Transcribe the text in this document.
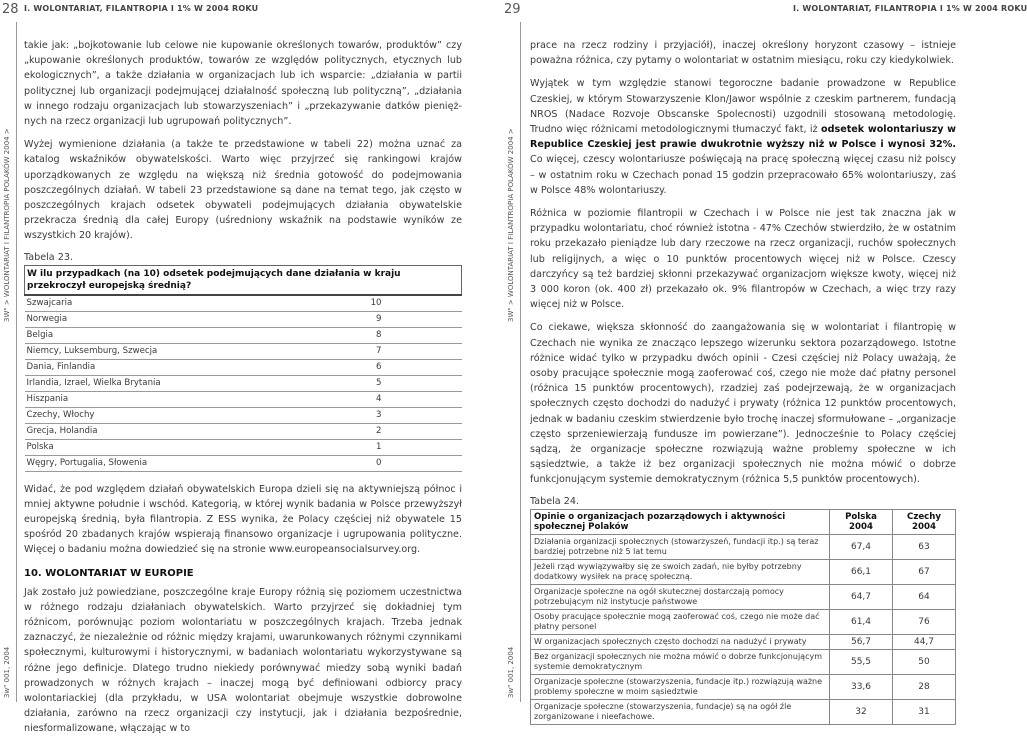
28 I. WOLONTARIAT, FILANTROPIA I 1% W 2004 ROKU
3W" > WOLONTARIAT I FILANTROPIA POLAKÓW 2004 >
3w" 001, 2004

takie jak: „bojkotowanie lub celowe nie kupowanie określonych towarów, produktów” czy „kupowanie określonych produktów, towarów ze względów politycznych, etycznych lub ekologicznych”, a także działania w organizacjach lub ich wsparcie: „działania w partii politycznej lub organizacji podejmującej działalność społeczną lub polityczną”, „działania w innego rodzaju organizacjach lub stowarzyszeniach” i „przekazywanie datków pieniężnych na rzecz organizacji lub ugrupowań politycznych”.

Wyżej wymienione działania (a także te przedstawione w tabeli 22) można uznać za katalog wskaźników obywatelskości. Warto więc przyjrzeć się rankingowi krajów uporządkowanych ze względu na większą niż średnia gotowość do podejmowania poszczególnych działań. W tabeli 23 przedstawione są dane na temat tego, jak często w poszczególnych krajach odsetek obywateli podejmujących działania obywatelskie przekracza średnią dla całej Europy (uśredniony wskaźnik na podstawie wyników ze wszystkich 20 krajów).

Tabela 23.
W ilu przypadkach (na 10) odsetek podejmujących dane działania w kraju przekroczył europejską średnią?	
Szwajcaria	10
Norwegia	9
Belgia	8
Niemcy, Luksemburg, Szwecja	7
Dania, Finlandia	6
Irlandia, Izrael, Wielka Brytania	5
Hiszpania	4
Czechy, Włochy	3
Grecja, Holandia	2
Polska	1
Węgry, Portugalia, Słowenia	0

Widać, że pod względem działań obywatelskich Europa dzieli się na aktywniejszą północ i mniej aktywne południe i wschód. Kategorią, w której wynik badania w Polsce przewyższył europejską średnią, była filantropia. Z ESS wynika, że Polacy częściej niż obywatele 15 spośród 20 zbadanych krajów wspierają finansowo organizacje i ugrupowania polityczne. Więcej o badaniu można dowiedzieć się na stronie www.europeansocialsurvey.org.

10. WOLONTARIAT W EUROPIE

Jak zostało już powiedziane, poszczególne kraje Europy różnią się poziomem uczestnictwa w różnego rodzaju działaniach obywatelskich. Warto przyjrzeć się dokładniej tym różnicom, porównując poziom wolontariatu w poszczególnych krajach. Trzeba jednak zaznaczyć, że niezależnie od różnic między krajami, uwarunkowanych różnymi czynnikami społecznymi, kulturowymi i historycznymi, w badaniach wolontariatu wykorzystywane są różne jego definicje. Dlatego trudno niekiedy porównywać miedzy sobą wyniki badań prowadzonych w różnych krajach – inaczej mogą być definiowani odbiorcy pracy wolontariackiej (dla przykładu, w USA wolontariat obejmuje wszystkie dobrowolne działania, zarówno na rzecz organizacji czy instytucji, jak i działania bezpośrednie, niesformalizowane, włączając w to

29	I. WOLONTARIAT, FILANTROPIA I 1% W 2004 ROKU
3W" > WOLONTARIAT I FILANTROPIA POLAKÓW 2004 >
3w" 001, 2004

prace na rzecz rodziny i przyjaciół), inaczej określony horyzont czasowy – istnieje poważna różnica, czy pytamy o wolontariat w ostatnim miesiącu, roku czy kiedykolwiek.

Wyjątek w tym względzie stanowi tegoroczne badanie prowadzone w Republice Czeskiej, w którym Stowarzyszenie Klon/Jawor wspólnie z czeskim partnerem, fundacją NROS (Nadace Rozvoje Obscanske Spolecnosti) uzgodnili stosowaną metodologię. Trudno więc różnicami metodologicznymi tłumaczyć fakt, iż odsetek wolontariuszy w Republice Czeskiej jest prawie dwukrotnie wyższy niż w Polsce i wynosi 32%. Co więcej, czescy wolontariusze poświęcają na pracę społeczną więcej czasu niż polscy – w ostatnim roku w Czechach ponad 15 godzin przepracowało 65% wolontariuszy, zaś w Polsce 48% wolontariuszy.

Różnica w poziomie filantropii w Czechach i w Polsce nie jest tak znaczna jak w przypadku wolontariatu, choć również istotna - 47% Czechów stwierdziło, że w ostatnim roku przekazało pieniądze lub dary rzeczowe na rzecz organizacji, ruchów społecznych lub religijnych, a więc o 10 punktów procentowych więcej niż w Polsce. Czescy darczyńcy są też bardziej skłonni przekazywać organizacjom większe kwoty, więcej niż 3 000 koron (ok. 400 zł) przekazało ok. 9% filantropów w Czechach, a więc trzy razy więcej niż w Polsce.

Co ciekawe, większa skłonność do zaangażowania się w wolontariat i filantropię w Czechach nie wynika ze znacząco lepszego wizerunku sektora pozarządowego. Istotne różnice widać tylko w przypadku dwóch opinii - Czesi częściej niż Polacy uważają, że osoby pracujące społecznie mogą zaoferować coś, czego nie może dać płatny personel (różnica 15 punktów procentowych), rzadziej zaś podejrzewają, że w organizacjach społecznych często dochodzi do nadużyć i prywaty (różnica 12 punktów procentowych, jednak w badaniu czeskim stwierdzenie było trochę inaczej sformułowane – „organizacje często sprzeniewierzają fundusze im powierzane”). Jednocześnie to Polacy częściej sądzą, że organizacje społeczne rozwiązują ważne problemy społeczne w ich sąsiedztwie, a także iż bez organizacji społecznych nie można mówić o dobrze funkcjonującym systemie demokratycznym (różnica 5,5 punktów procentowych).

Tabela 24.
Opinie o organizacjach pozarządowych i aktywności społecznej Polaków	Polska 2004	Czechy 2004
Działania organizacji społecznych (stowarzyszeń, fundacji itp.) są teraz bardziej potrzebne niż 5 lat temu	67,4	63
Jeżeli rząd wywiązywałby się ze swoich zadań, nie byłby potrzebny dodatkowy wysiłek na pracę społeczną.	66,1	67
Organizacje społeczne na ogół skutecznej dostarczają pomocy potrzebującym niż instytucje państwowe	64,7	64
Osoby pracujące społecznie mogą zaoferować coś, czego nie może dać płatny personel	61,4	76
W organizacjach społecznych często dochodzi na nadużyć i prywaty	56,7	44,7
Bez organizacji społecznych nie można mówić o dobrze funkcjonującym systemie demokratycznym	55,5	50
Organizacje społeczne (stowarzyszenia, fundacje itp.) rozwiązują ważne problemy społeczne w moim sąsiedztwie	33,6	28
Organizacje społeczne (stowarzyszenia, fundacje) są na ogół źle zorganizowane i nieefachowe.	32	31
